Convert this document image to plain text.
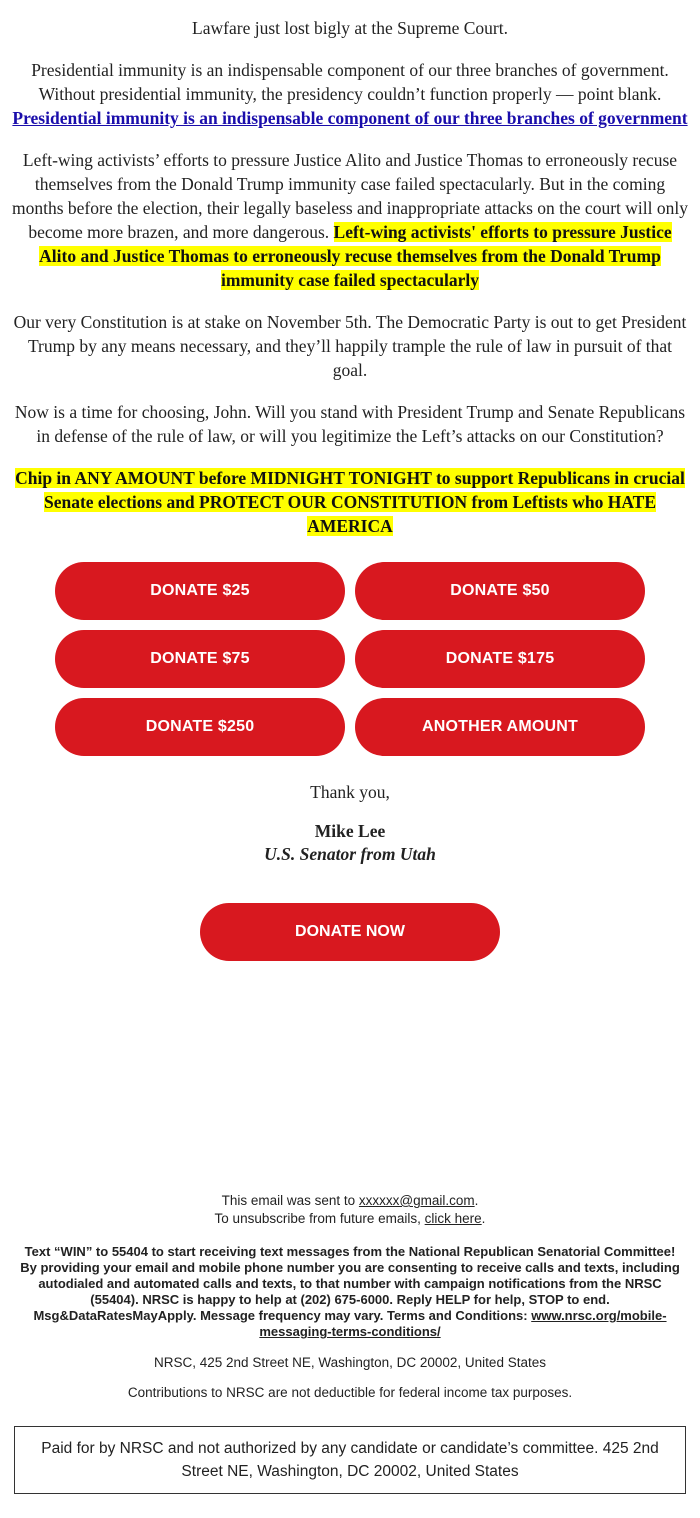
Lawfare just lost bigly at the Supreme Court.

Presidential immunity is an indispensable component of our three branches of government. Without presidential immunity, the presidency couldn’t function properly — point blank. Presidential immunity is an indispensable component of our three branches of government

Left-wing activists’ efforts to pressure Justice Alito and Justice Thomas to erroneously recuse themselves from the Donald Trump immunity case failed spectacularly. But in the coming months before the election, their legally baseless and inappropriate attacks on the court will only become more brazen, and more dangerous. Left-wing activists' efforts to pressure Justice Alito and Justice Thomas to erroneously recuse themselves from the Donald Trump immunity case failed spectacularly

Our very Constitution is at stake on November 5th. The Democratic Party is out to get President Trump by any means necessary, and they’ll happily trample the rule of law in pursuit of that goal.

Now is a time for choosing, John. Will you stand with President Trump and Senate Republicans in defense of the rule of law, or will you legitimize the Left’s attacks on our Constitution?

Chip in ANY AMOUNT before MIDNIGHT TONIGHT to support Republicans in crucial Senate elections and PROTECT OUR CONSTITUTION from Leftists who HATE AMERICA

DONATE $25	DONATE $50
DONATE $75	DONATE $175
DONATE $250	ANOTHER AMOUNT
Thank you,
Mike Lee
U.S. Senator from Utah
DONATE NOW
This email was sent to xxxxxx@gmail.com.
To unsubscribe from future emails, click here.
Text “WIN” to 55404 to start receiving text messages from the National Republican Senatorial Committee! By providing your email and mobile phone number you are consenting to receive calls and texts, including autodialed and automated calls and texts, to that number with campaign notifications from the NRSC (55404). NRSC is happy to help at (202) 675-6000. Reply HELP for help, STOP to end. Msg&DataRatesMayApply. Message frequency may vary. Terms and Conditions: www.nrsc.org/mobile-messaging-terms-conditions/
NRSC, 425 2nd Street NE, Washington, DC 20002, United States
Contributions to NRSC are not deductible for federal income tax purposes.
Paid for by NRSC and not authorized by any candidate or candidate’s committee. 425 2nd Street NE, Washington, DC 20002, United States
